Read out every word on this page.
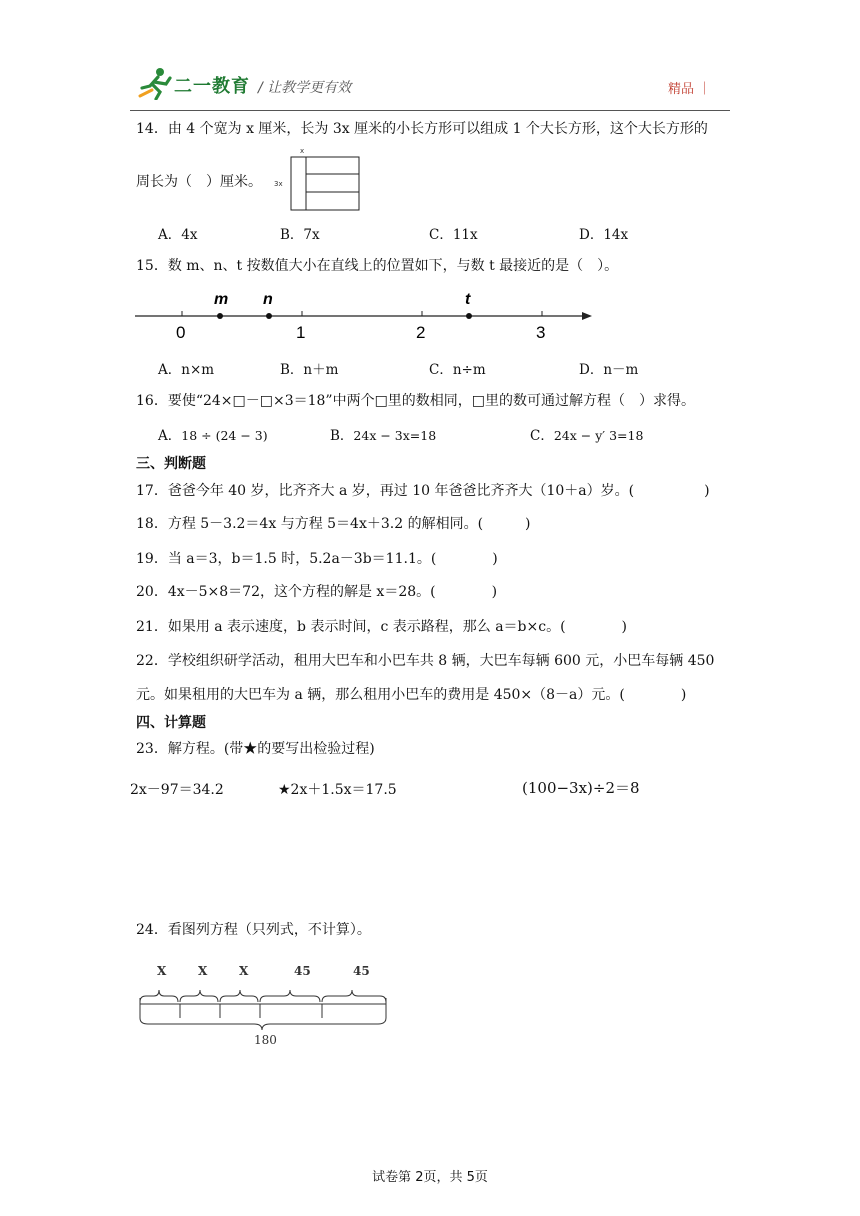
二一教育 / 让教学更有效	精品 ｜
14．由 4 个宽为 x 厘米，长为 3x 厘米的小长方形可以组成 1 个大长方形，这个大长方形的
周长为（　）厘米。
x
3x
A．4x	B．7x	C．11x	D．14x
15．数 m、n、t 按数值大小在直线上的位置如下，与数 t 最接近的是（　）。
m n	t
0	1	2	3
A．n×m	B．n＋m	C．n÷m	D．n－m
16．要使“24×□－□×3＝18”中两个□里的数相同，□里的数可通过解方程（　）求得。
A．18 ÷ (24 − 3)	B．24x − 3x=18	C．24x − y′ 3=18
三、判断题
17．爸爸今年 40 岁，比齐齐大 a 岁，再过 10 年爸爸比齐齐大（10＋a）岁。(　　　　　)
18．方程 5－3.2＝4x 与方程 5＝4x＋3.2 的解相同。(　　　)
19．当 a＝3，b＝1.5 时，5.2a－3b＝11.1。(　　　　)
20．4x－5×8＝72，这个方程的解是 x＝28。(　　　　)
21．如果用 a 表示速度，b 表示时间，c 表示路程，那么 a＝b×c。(　　　　)
22．学校组织研学活动，租用大巴车和小巴车共 8 辆，大巴车每辆 600 元，小巴车每辆 450
元。如果租用的大巴车为 a 辆，那么租用小巴车的费用是 450×（8－a）元。(　　　　)
四、计算题
23．解方程。(带★的要写出检验过程)
2x－97＝34.2	★2x＋1.5x＝17.5	(100−3x)÷2＝8
24．看图列方程（只列式，不计算）。
X	X	X	45	45
180
试卷第 2页，共 5页
